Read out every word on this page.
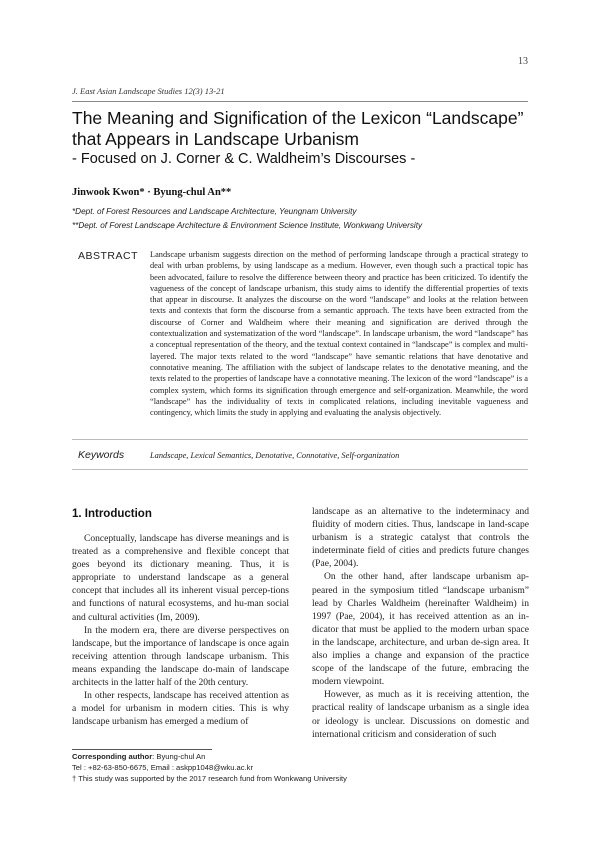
13
J. East Asian Landscape Studies 12(3) 13-21
The Meaning and Signification of the Lexicon “Landscape” that Appears in Landscape Urbanism
- Focused on J. Corner & C. Waldheim’s Discourses -
Jinwook Kwon* · Byung-chul An**
*Dept. of Forest Resources and Landscape Architecture, Yeungnam University
**Dept. of Forest Landscape Architecture & Environment Science Institute, Wonkwang University
ABSTRACT Landscape urbanism suggests direction on the method of performing landscape through a practical strategy to deal with urban problems, by using landscape as a medium. However, even though such a practical topic has been advocated, failure to resolve the difference between theory and practice has been criticized. To identify the vagueness of the concept of landscape urbanism, this study aims to identify the differential properties of texts that appear in discourse. It analyzes the discourse on the word “landscape” and looks at the relation between texts and contexts that form the discourse from a semantic approach. The texts have been extracted from the discourse of Corner and Waldheim where their meaning and signification are derived through the contextualization and systematization of the word “landscape”. In landscape urbanism, the word “landscape” has a conceptual representation of the theory, and the textual context contained in “landscape” is complex and multi-layered. The major texts related to the word “landscape” have semantic relations that have denotative and connotative meaning. The affiliation with the subject of landscape relates to the denotative meaning, and the texts related to the properties of landscape have a connotative meaning. The lexicon of the word “landscape” is a complex system, which forms its signification through emergence and self-organization. Meanwhile, the word “landscape” has the individuality of texts in complicated relations, including inevitable vagueness and contingency, which limits the study in applying and evaluating the analysis objectively.
Keywords	Landscape, Lexical Semantics, Denotative, Connotative, Self-organization
1. Introduction

Conceptually, landscape has diverse meanings and is treated as a comprehensive and flexible concept that goes beyond its dictionary meaning. Thus, it is appropriate to understand landscape as a general concept that includes all its inherent visual percep-tions and functions of natural ecosystems, and hu-man social and cultural activities (Im, 2009).

In the modern era, there are diverse perspectives on landscape, but the importance of landscape is once again receiving attention through landscape urbanism. This means expanding the landscape do-main of landscape architects in the latter half of the 20th century.

In other respects, landscape has received attention as a model for urbanism in modern cities. This is why landscape urbanism has emerged a medium of

landscape as an alternative to the indeterminacy and fluidity of modern cities. Thus, landscape in land-scape urbanism is a strategic catalyst that controls the indeterminate field of cities and predicts future changes (Pae, 2004).

On the other hand, after landscape urbanism ap-peared in the symposium titled “landscape urbanism” lead by Charles Waldheim (hereinafter Waldheim) in 1997 (Pae, 2004), it has received attention as an in-dicator that must be applied to the modern urban space in the landscape, architecture, and urban de-sign area. It also implies a change and expansion of the practice scope of the landscape of the future, embracing the modern viewpoint.

However, as much as it is receiving attention, the practical reality of landscape urbanism as a single idea or ideology is unclear. Discussions on domestic and international criticism and consideration of such

Corresponding author: Byung-chul An
Tel : +82-63-850-6675, Email : askpp1048@wku.ac.kr
† This study was supported by the 2017 research fund from Wonkwang University
